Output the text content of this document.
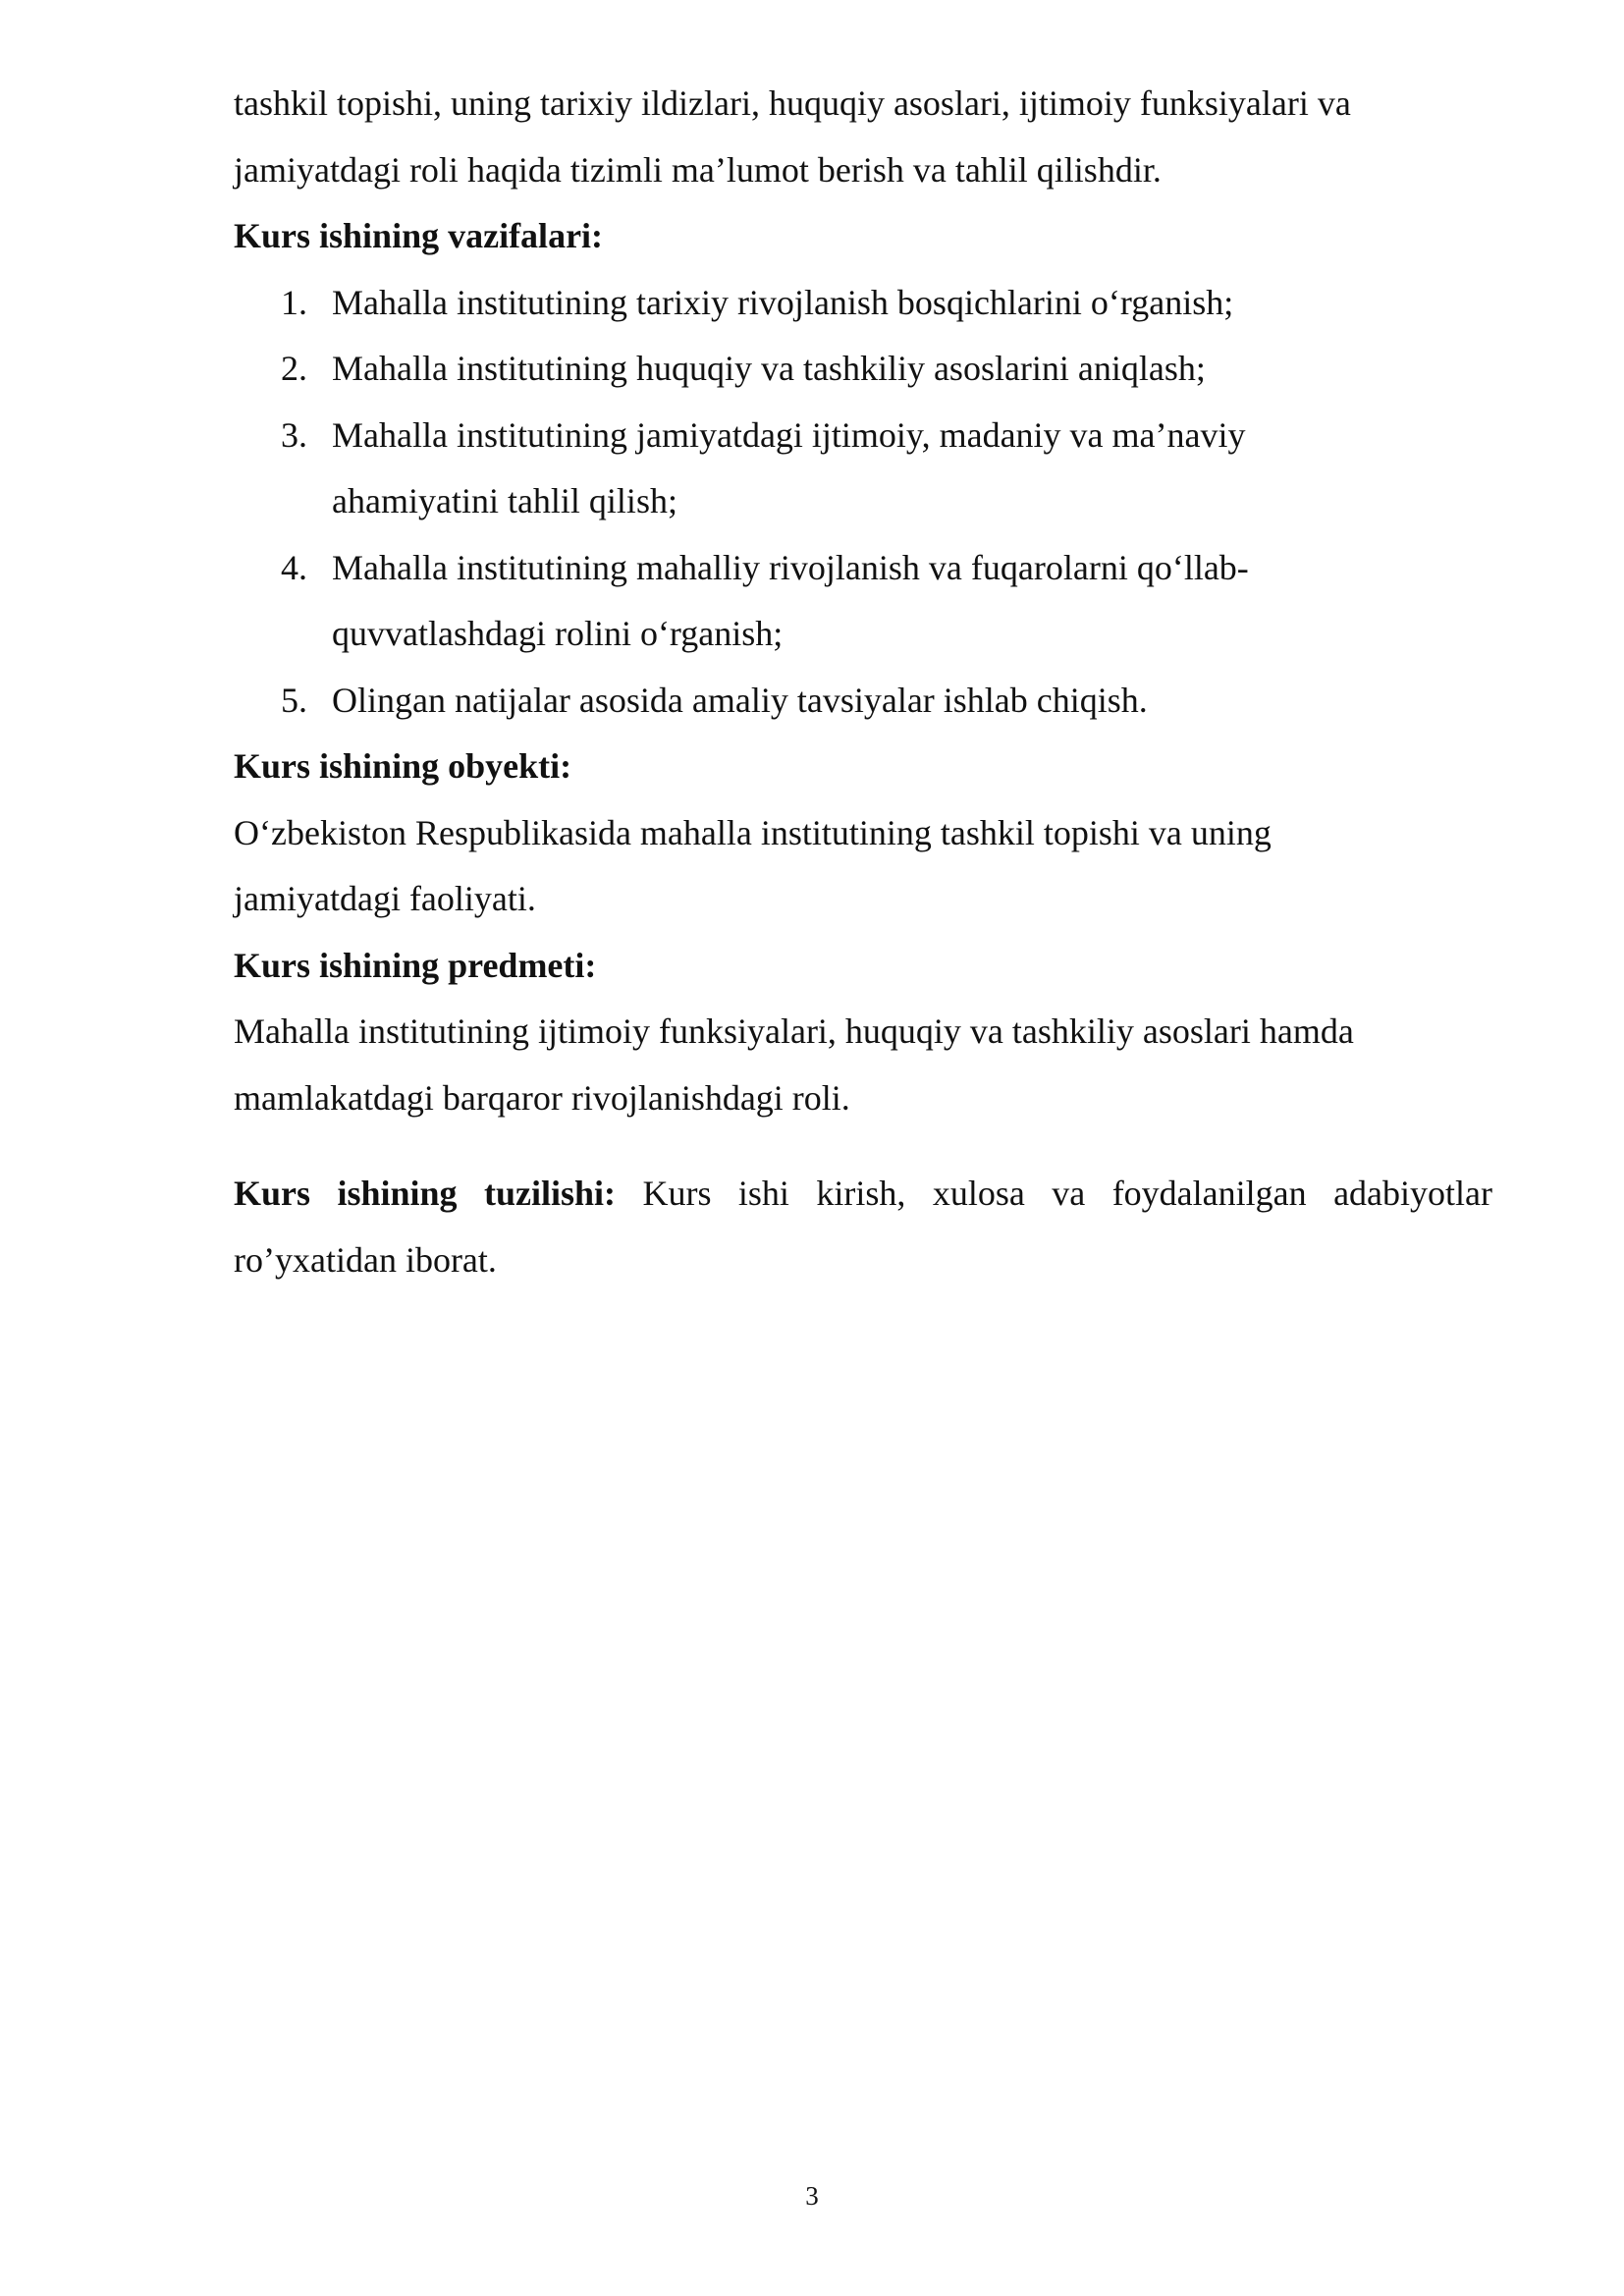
tashkil topishi, uning tarixiy ildizlari, huquqiy asoslari, ijtimoiy funksiyalari va jamiyatdagi roli haqida tizimli ma’lumot berish va tahlil qilishdir.

Kurs ishining vazifalari:

1. Mahalla institutining tarixiy rivojlanish bosqichlarini o‘rganish;
2. Mahalla institutining huquqiy va tashkiliy asoslarini aniqlash;
3. Mahalla institutining jamiyatdagi ijtimoiy, madaniy va ma’naviy ahamiyatini tahlil qilish;
4. Mahalla institutining mahalliy rivojlanish va fuqarolarni qo‘llab-quvvatlashdagi rolini o‘rganish;
5. Olingan natijalar asosida amaliy tavsiyalar ishlab chiqish.

Kurs ishining obyekti:

O‘zbekiston Respublikasida mahalla institutining tashkil topishi va uning jamiyatdagi faoliyati.

Kurs ishining predmeti:

Mahalla institutining ijtimoiy funksiyalari, huquqiy va tashkiliy asoslari hamda mamlakatdagi barqaror rivojlanishdagi roli.

Kurs ishining tuzilishi: Kurs ishi kirish, xulosa va foydalanilgan adabiyotlar ro’yxatidan iborat.

3
